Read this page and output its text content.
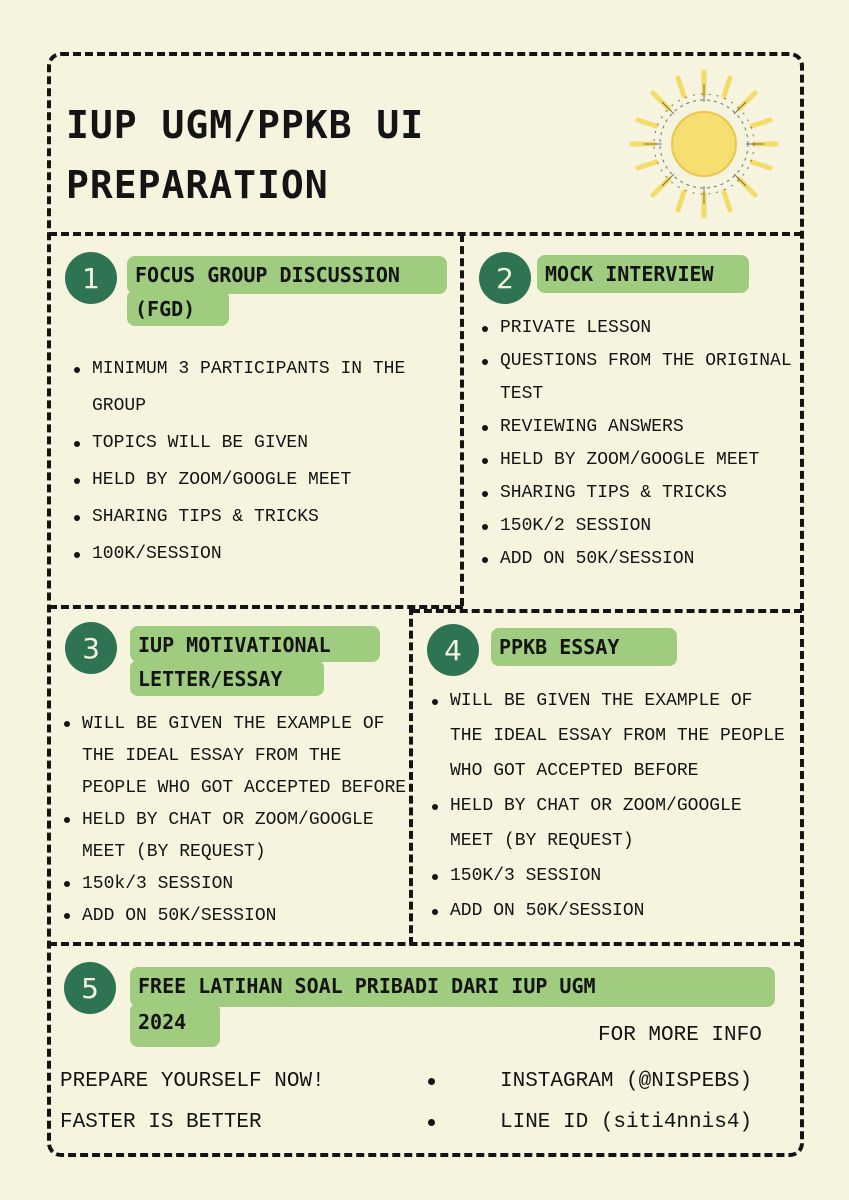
IUP UGM/PPKB UI
PREPARATION
1	FOCUS GROUP DISCUSSION
(FGD)
MINIMUM 3 PARTICIPANTS IN THE GROUP
TOPICS WILL BE GIVEN
HELD BY ZOOM/GOOGLE MEET
SHARING TIPS & TRICKS
100K/SESSION
2	MOCK INTERVIEW
PRIVATE LESSON
QUESTIONS FROM THE ORIGINAL TEST
REVIEWING ANSWERS
HELD BY ZOOM/GOOGLE MEET
SHARING TIPS & TRICKS
150K/2 SESSION
ADD ON 50K/SESSION
3	IUP MOTIVATIONAL
LETTER/ESSAY
WILL BE GIVEN THE EXAMPLE OF THE IDEAL ESSAY FROM THE PEOPLE WHO GOT ACCEPTED BEFORE
HELD BY CHAT OR ZOOM/GOOGLE MEET (BY REQUEST)
150k/3 SESSION
ADD ON 50K/SESSION
4	PPKB ESSAY
WILL BE GIVEN THE EXAMPLE OF THE IDEAL ESSAY FROM THE PEOPLE WHO GOT ACCEPTED BEFORE
HELD BY CHAT OR ZOOM/GOOGLE MEET (BY REQUEST)
150K/3 SESSION
ADD ON 50K/SESSION
5	FREE LATIHAN SOAL PRIBADI DARI IUP UGM
2024
FOR MORE INFO
PREPARE YOURSELF NOW!
FASTER IS BETTER
INSTAGRAM (@NISPEBS)
LINE ID (siti4nnis4)
